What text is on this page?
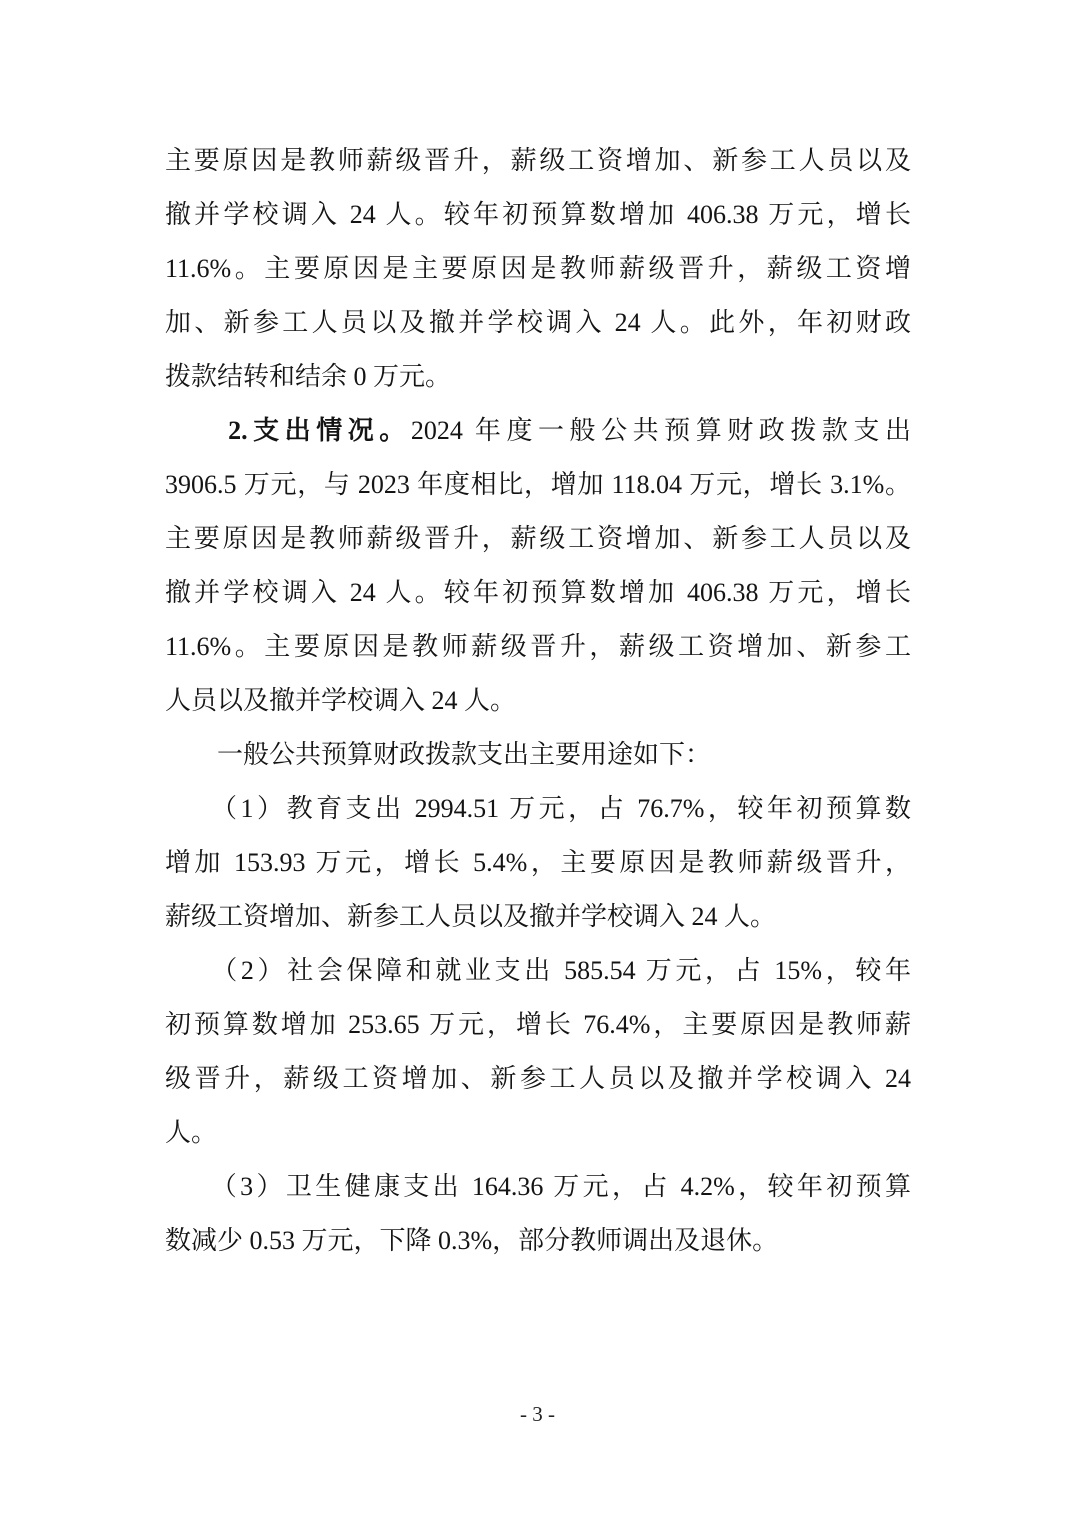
主要原因是教师薪级晋升，薪级工资增加、新参工人员以及
撤并学校调入 24 人。较年初预算数增加 406.38 万元，增长
11.6%。主要原因是主要原因是教师薪级晋升，薪级工资增
加、新参工人员以及撤并学校调入 24 人。此外，年初财政
拨款结转和结余 0 万元。
　　2.支出情况。2024 年度一般公共预算财政拨款支出
3906.5 万元，与 2023 年度相比，增加 118.04 万元，增长 3.1%。
主要原因是教师薪级晋升，薪级工资增加、新参工人员以及
撤并学校调入 24 人。较年初预算数增加 406.38 万元，增长
11.6%。主要原因是教师薪级晋升，薪级工资增加、新参工
人员以及撤并学校调入 24 人。
　　一般公共预算财政拨款支出主要用途如下：
　　（1）教育支出 2994.51 万元，占 76.7%，较年初预算数
增加 153.93 万元，增长 5.4%，主要原因是教师薪级晋升，
薪级工资增加、新参工人员以及撤并学校调入 24 人。
　　（2）社会保障和就业支出 585.54 万元，占 15%，较年
初预算数增加 253.65 万元，增长 76.4%，主要原因是教师薪
级晋升，薪级工资增加、新参工人员以及撤并学校调入 24
人。
　　（3）卫生健康支出 164.36 万元，占 4.2%，较年初预算
数减少 0.53 万元，下降 0.3%，部分教师调出及退休。
- 3 -
